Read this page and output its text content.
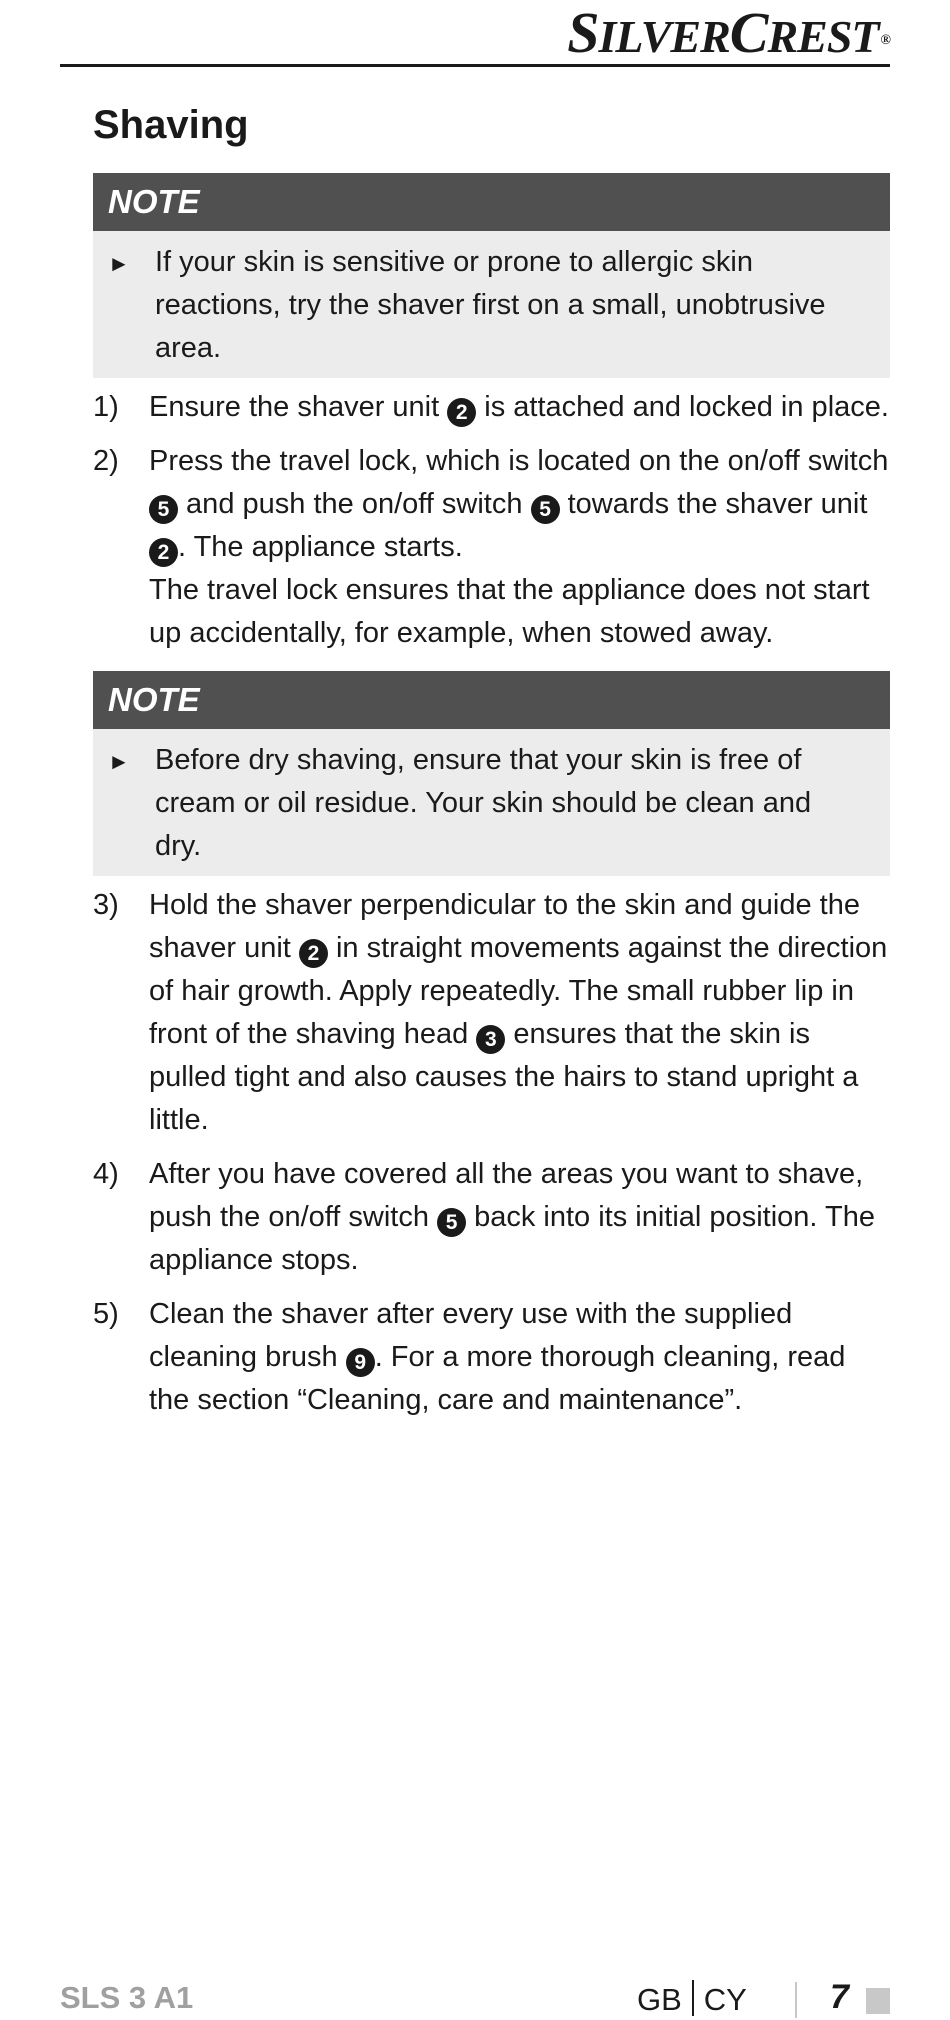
SILVERCREST ®
Shaving
NOTE
► If your skin is sensitive or prone to allergic skin reactions, try the shaver first on a small, unobtrusive area.
1)	Ensure the shaver unit 2 is attached and locked in place.
2)	Press the travel lock, which is located on the on/off switch 5 and push the on/off switch 5 towards the shaver unit 2 . The appliance starts.
The travel lock ensures that the appliance does not start up accidentally, for example, when stowed away.
NOTE
► Before dry shaving, ensure that your skin is free of cream or oil residue. Your skin should be clean and dry.
3)	Hold the shaver perpendicular to the skin and guide the shaver unit 2 in straight movements against the direction of hair growth. Apply repeatedly. The small rubber lip in front of the shaving head 3 ensures that the skin is pulled tight and also causes the hairs to stand upright a little.
4)	After you have covered all the areas you want to shave, push the on/off switch 5 back into its initial position. The appliance stops.
5)	Clean the shaver after every use with the supplied cleaning brush 9 . For a more thorough cleaning, read the section “Cleaning, care and maintenance”.
SLS 3 A1	GB CY 7
